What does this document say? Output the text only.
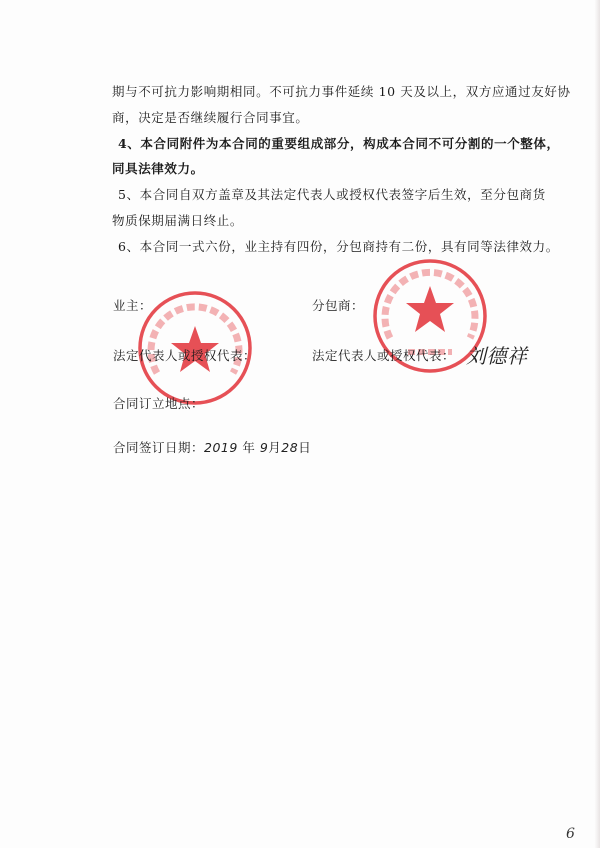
期与不可抗力影响期相同。不可抗力事件延续 10 天及以上，双方应通过友好协
商，决定是否继续履行合同事宜。
4、本合同附件为本合同的重要组成部分，构成本合同不可分割的一个整体，
同具法律效力。
5、本合同自双方盖章及其法定代表人或授权代表签字后生效，至分包商货
物质保期届满日终止。
6、本合同一式六份，业主持有四份，分包商持有二份，具有同等法律效力。
业主：	分包商：
法定代表人或授权代表：	法定代表人或授权代表： 刘德祥
合同订立地点：
合同签订日期：2019 年 9月28日
6
